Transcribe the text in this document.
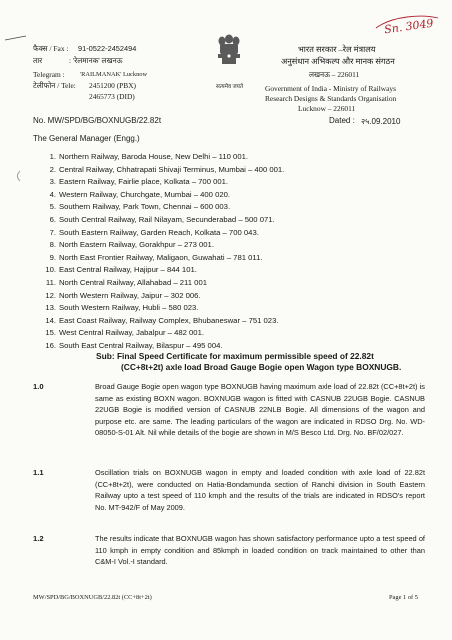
Sn. 3049
फैक्स / Fax : 91-0522-2452494
तार	: 'रेलमानक' लखनऊ
Telegram : 'RAILMANAK' Lucknow
टेलीफोन / Tele: 2451200 (PBX)
2465773 (DID)
सत्यमेव जयते
भारत सरकार –रेल मंत्रालय
अनुसंधान अभिकल्प और मानक संगठन
लखनऊ – 226011
Government of India - Ministry of Railways
Research Designs & Standards Organisation
Lucknow – 226011
No. MW/SPD/BG/BOXNUGB/22.82t	Dated : २५.09.2010
The General Manager (Engg.)
1. Northern Railway, Baroda House, New Delhi – 110 001.
2. Central Railway, Chhatrapati Shivaji Terminus, Mumbai – 400 001.
3. Eastern Railway, Fairlie place, Kolkata – 700 001.
4. Western Railway, Churchgate, Mumbai – 400 020.
5. Southern Railway, Park Town, Chennai – 600 003.
6. South Central Railway, Rail Nilayam, Secunderabad – 500 071.
7. South Eastern Railway, Garden Reach, Kolkata – 700 043.
8. North Eastern Railway, Gorakhpur – 273 001.
9. North East Frontier Railway, Maligaon, Guwahati – 781 011.
10. East Central Railway, Hajipur – 844 101.
11. North Central Railway, Allahabad – 211 001
12. North Western Railway, Jaipur – 302 006.
13. South Western Railway, Hubli – 580 023.
14. East Coast Railway, Railway Complex, Bhubaneswar – 751 023.
15. West Central Railway, Jabalpur – 482 001.
16. South East Central Railway, Bilaspur – 495 004.
Sub: Final Speed Certificate for maximum permissible speed of 22.82t
(CC+8t+2t) axle load Broad Gauge Bogie open Wagon type BOXNUGB.
1.0	Broad Gauge Bogie open wagon type BOXNUGB having maximum axle load of 22.82t (CC+8t+2t) is same as existing BOXN wagon. BOXNUGB wagon is fitted with CASNUB 22UGB Bogie. CASNUB 22UGB Bogie is modified version of CASNUB 22NLB Bogie. All dimensions of the wagon and purpose etc. are same. The leading particulars of the wagon are indicated in RDSO Drg. No. WD-08050-S-01 Alt. Nil while details of the bogie are shown in M/S Besco Ltd. Drg. No. BF/02/027.
1.1	Oscillation trials on BOXNUGB wagon in empty and loaded condition with axle load of 22.82t (CC+8t+2t), were conducted on Hatia-Bondamunda section of Ranchi division in South Eastern Railway upto a test speed of 110 kmph and the results of the trials are indicated in RDSO's report No. MT-942/F of May 2009.
1.2	The results indicate that BOXNUGB wagon has shown satisfactory performance upto a test speed of 110 kmph in empty condition and 85kmph in loaded condition on track maintained to other than C&M-I Vol.-I standard.
MW/SPD/BG/BOXNUGB/22.82t (CC+8t+2t)	Page 1 of 5
